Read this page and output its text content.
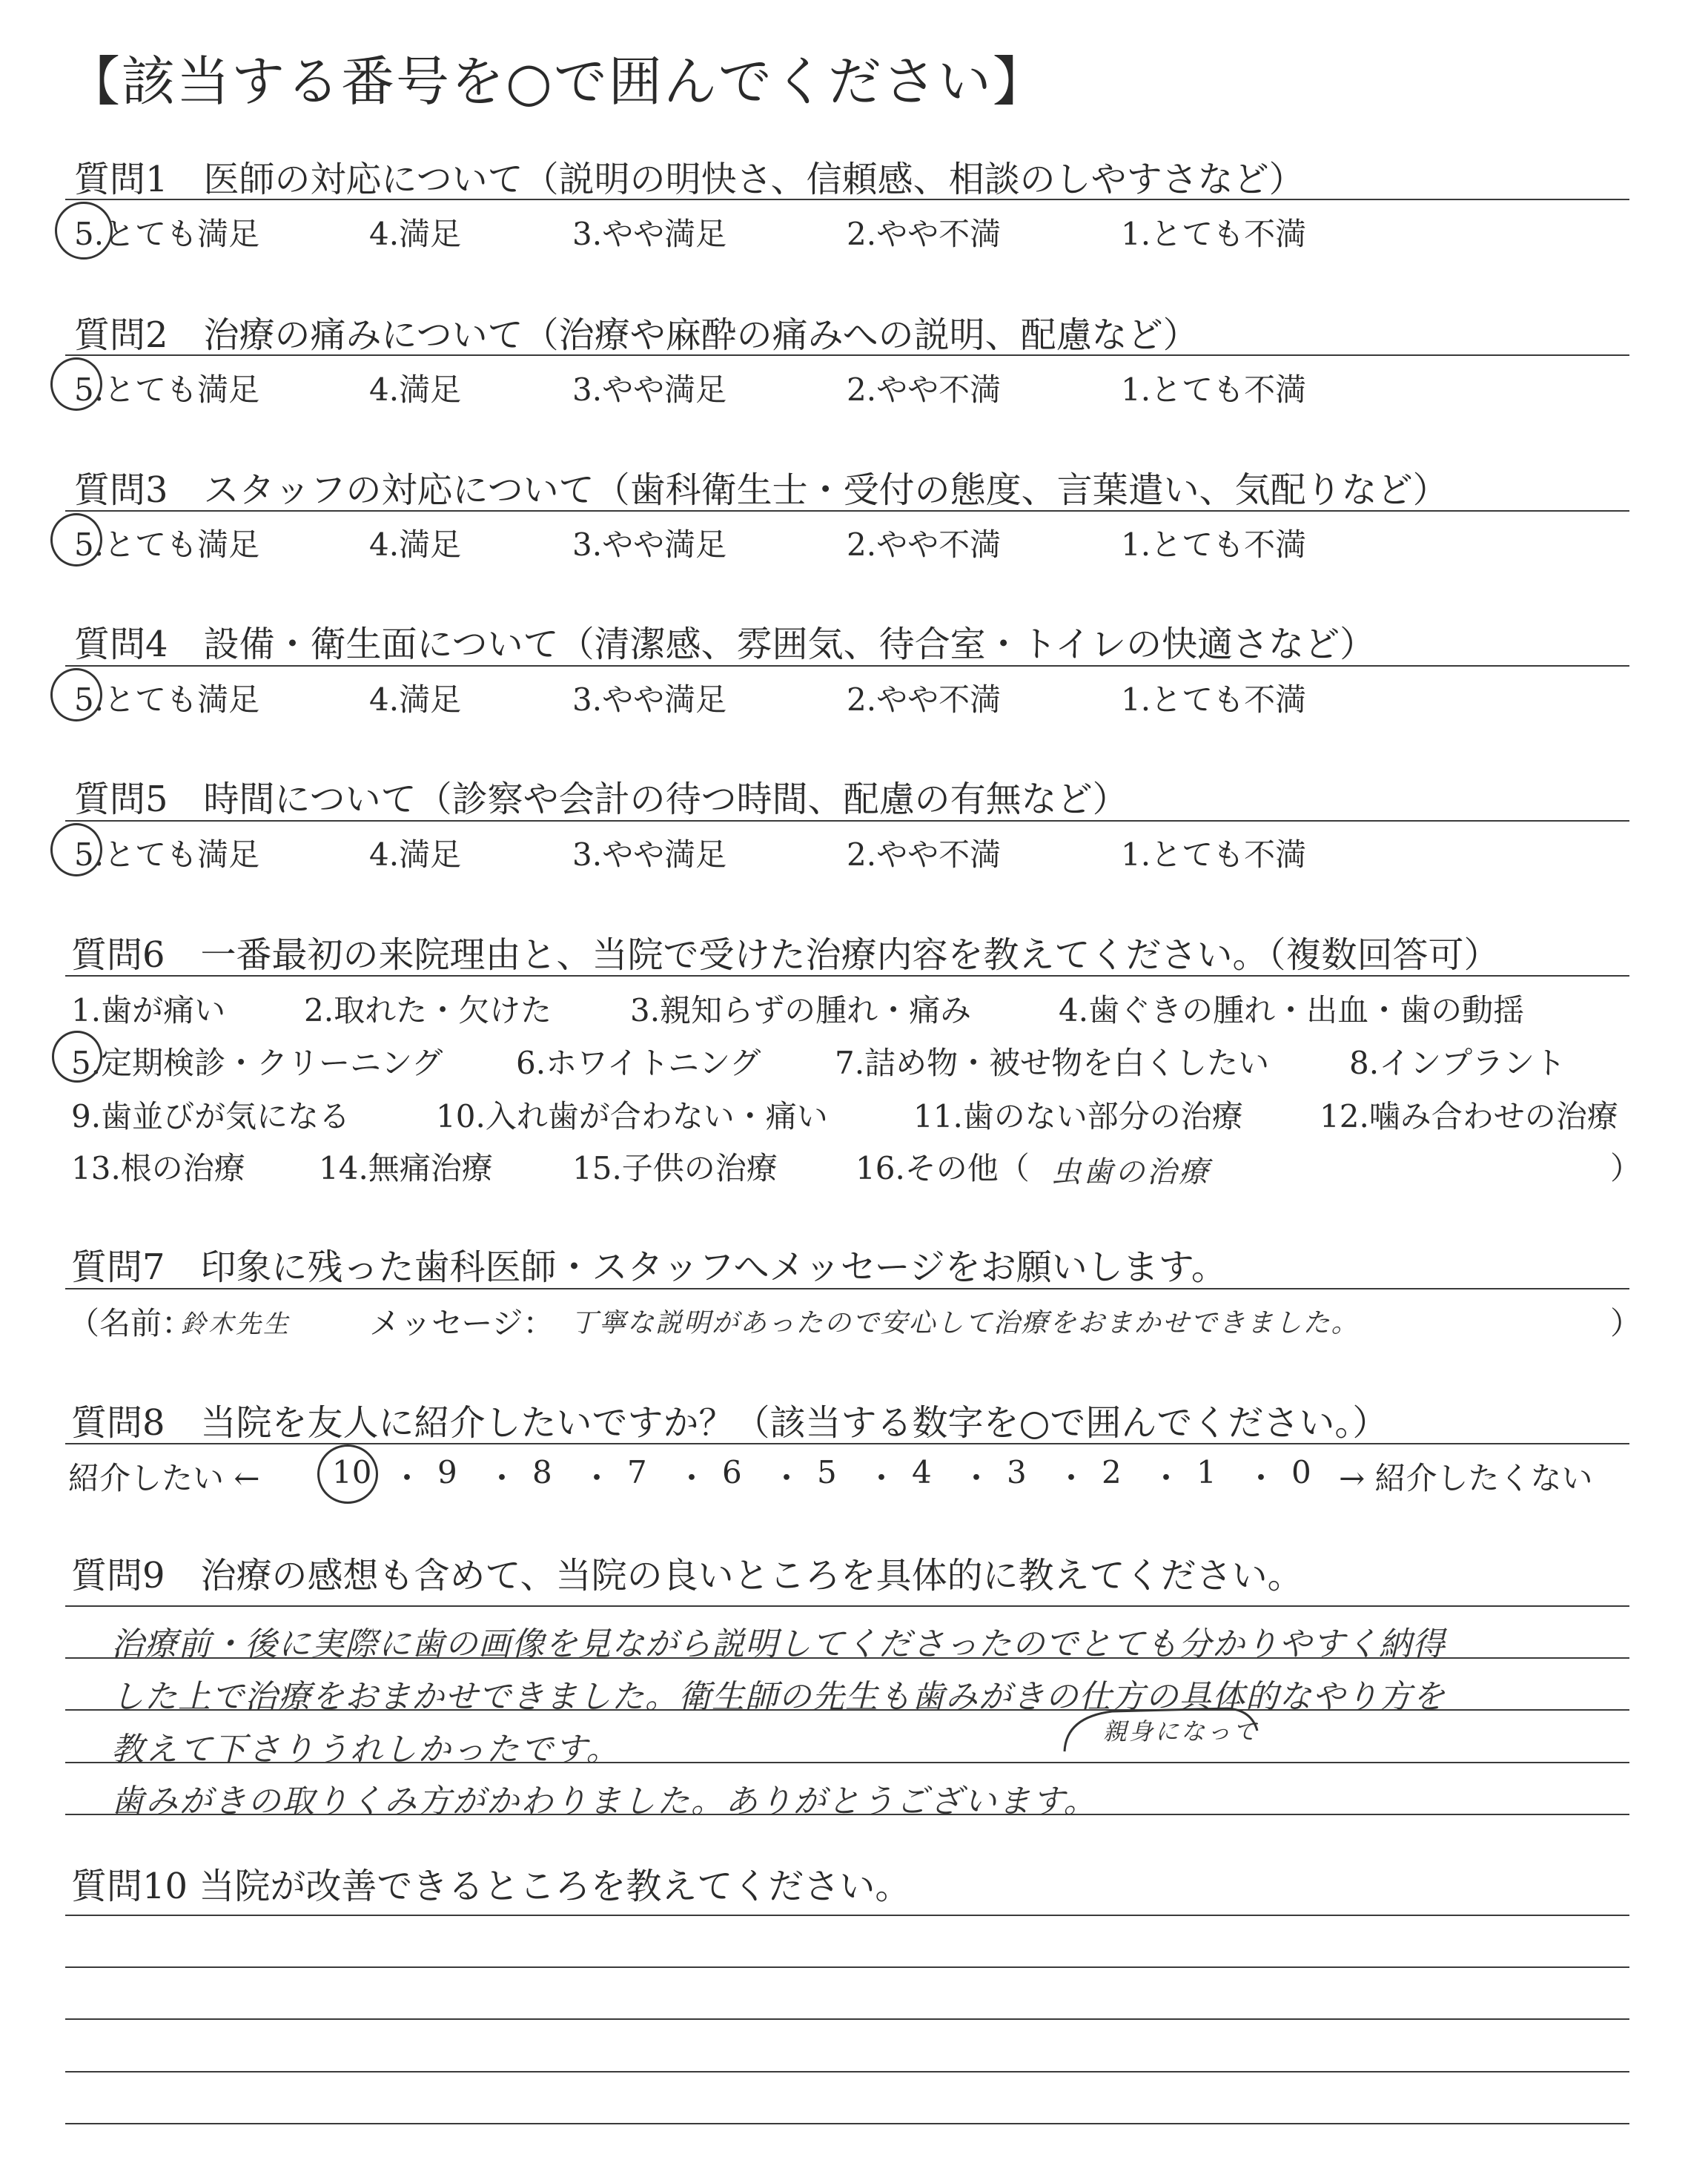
【該当する番号を○で囲んでください】
質問1　医師の対応について（説明の明快さ、信頼感、相談のしやすさなど）
5.とても満足	4.満足	3.やや満足	2.やや不満	1.とても不満
質問2　治療の痛みについて（治療や麻酔の痛みへの説明、配慮など）
5.とても満足	4.満足	3.やや満足	2.やや不満	1.とても不満
質問3　スタッフの対応について（歯科衛生士・受付の態度、言葉遣い、気配りなど）
5.とても満足	4.満足	3.やや満足	2.やや不満	1.とても不満
質問4　設備・衛生面について（清潔感、雰囲気、待合室・トイレの快適さなど）
5.とても満足	4.満足	3.やや満足	2.やや不満	1.とても不満
質問5　時間について（診察や会計の待つ時間、配慮の有無など）
5.とても満足	4.満足	3.やや満足	2.やや不満	1.とても不満
質問6　一番最初の来院理由と、当院で受けた治療内容を教えてください。（複数回答可）
1.歯が痛い	2.取れた・欠けた	3.親知らずの腫れ・痛み	4.歯ぐきの腫れ・出血・歯の動揺
5.定期検診・クリーニング 6.ホワイトニング 7.詰め物・被せ物を白くしたい	8.インプラント
9.歯並びが気になる	10.入れ歯が合わない・痛い	11.歯のない部分の治療 12.噛み合わせの治療
13.根の治療 14.無痛治療	15.子供の治療	16.その他（ 虫歯の治療	）
質問7　印象に残った歯科医師・スタッフへメッセージをお願いします。
（名前：
鈴木先生	メッセージ： 丁寧な説明があったので安心して治療をおまかせできました。	）
質問8　当院を友人に紹介したいですか？（該当する数字を○で囲んでください。）
紹介したい ← 10 ・ 9 ・ 8 ・ 7 ・ 6 ・ 5 ・ 4 ・ 3 ・ 2 ・ 1 ・ 0 → 紹介したくない
質問9　治療の感想も含めて、当院の良いところを具体的に教えてください。
治療前・後に実際に歯の画像を見ながら説明してくださったのでとても分かりやすく納得
した上で治療をおまかせできました。衛生師の先生も歯みがきの仕方の具体的なやり方を
教えて下さりうれしかったです。	親身になって
歯みがきの取りくみ方がかわりました。ありがとうございます。
質問10 当院が改善できるところを教えてください。
